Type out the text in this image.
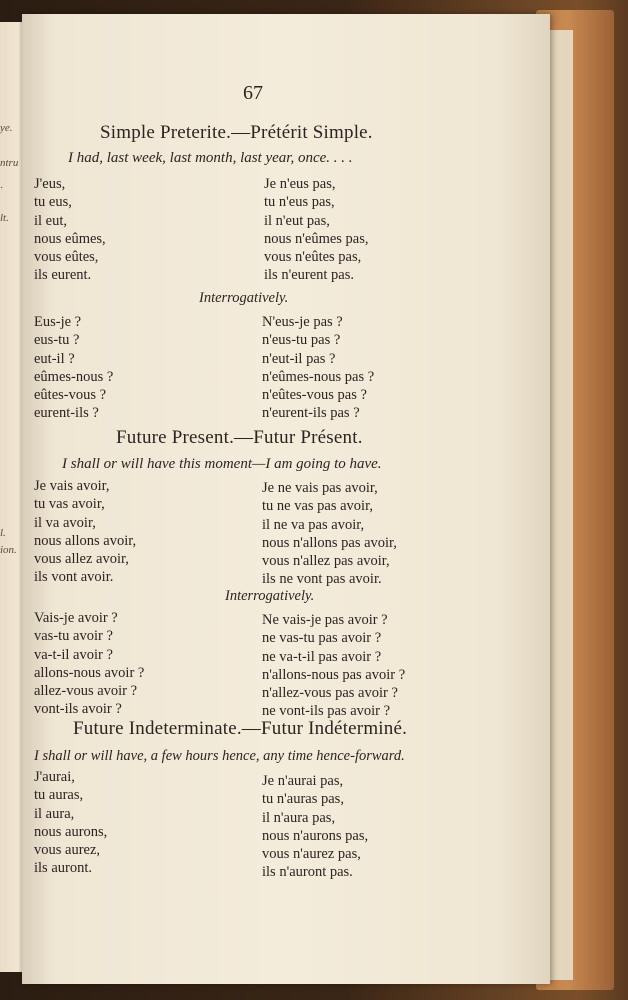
ye.
ntru
·
lt.
l.
ion.
67
Simple Preterite.—Prétérit Simple.
I had, last week, last month, last year, once. . . .
J'eus,
tu eus,
il eut,
nous eûmes,
vous eûtes,
ils eurent.
Je n'eus pas,
tu n'eus pas,
il n'eut pas,
nous n'eûmes pas,
vous n'eûtes pas,
ils n'eurent pas.
Interrogatively.
Eus-je ?
eus-tu ?
eut-il ?
eûmes-nous ?
eûtes-vous ?
eurent-ils ?
N'eus-je pas ?
n'eus-tu pas ?
n'eut-il pas ?
n'eûmes-nous pas ?
n'eûtes-vous pas ?
n'eurent-ils pas ?
Future Present.—Futur Présent.
I shall or will have this moment—I am going to have.
Je vais avoir,
tu vas avoir,
il va avoir,
nous allons avoir,
vous allez avoir,
ils vont avoir.
Je ne vais pas avoir,
tu ne vas pas avoir,
il ne va pas avoir,
nous n'allons pas avoir,
vous n'allez pas avoir,
ils ne vont pas avoir.
Interrogatively.
Vais-je avoir ?
vas-tu avoir ?
va-t-il avoir ?
allons-nous avoir ?
allez-vous avoir ?
vont-ils avoir ?
Ne vais-je pas avoir ?
ne vas-tu pas avoir ?
ne va-t-il pas avoir ?
n'allons-nous pas avoir ?
n'allez-vous pas avoir ?
ne vont-ils pas avoir ?
Future Indeterminate.—Futur Indéterminé.
I shall or will have, a few hours hence, any time hence-forward.
J'aurai,
tu auras,
il aura,
nous aurons,
vous aurez,
ils auront.
Je n'aurai pas,
tu n'auras pas,
il n'aura pas,
nous n'aurons pas,
vous n'aurez pas,
ils n'auront pas.
